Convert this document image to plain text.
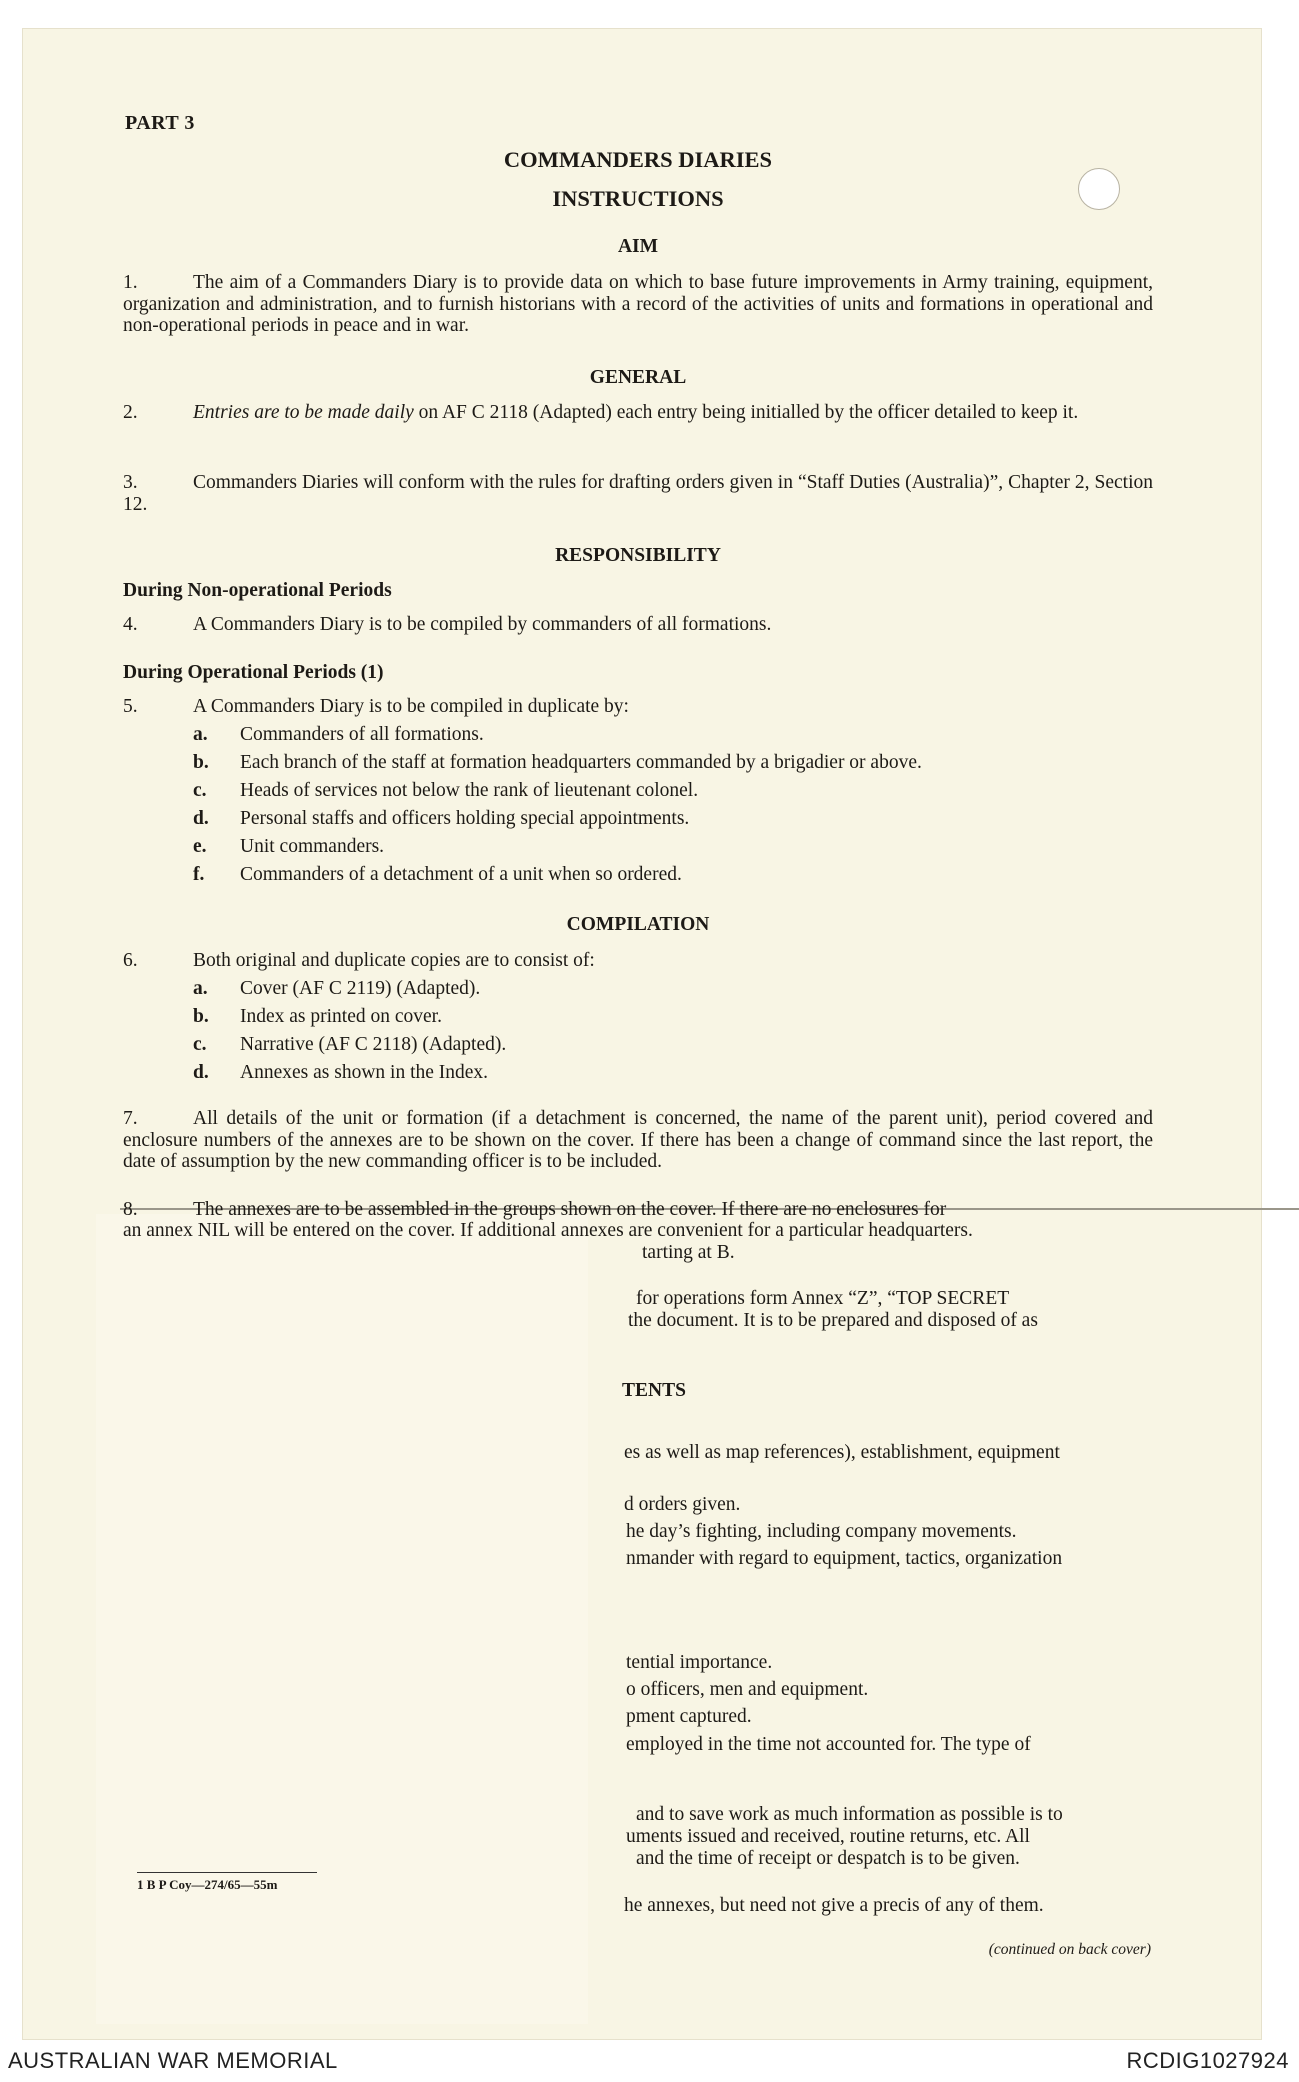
PART 3
COMMANDERS DIARIES
INSTRUCTIONS
AIM

1.	The aim of a Commanders Diary is to provide data on which to base future improvements in Army training, equipment, organization and administration, and to furnish historians with a record of the activities of units and formations in operational and non-operational periods in peace and in war.

GENERAL

2.	Entries are to be made daily on AF C 2118 (Adapted) each entry being initialled by the officer detailed to keep it.

3.	Commanders Diaries will conform with the rules for drafting orders given in “Staff Duties (Australia)”, Chapter 2, Section 12.

RESPONSIBILITY
During Non-operational Periods
4.	A Commanders Diary is to be compiled by commanders of all formations.
During Operational Periods (1)
5.	A Commanders Diary is to be compiled in duplicate by:
a. Commanders of all formations.
b. Each branch of the staff at formation headquarters commanded by a brigadier or above.
c. Heads of services not below the rank of lieutenant colonel.
d. Personal staffs and officers holding special appointments.
e. Unit commanders.
f. Commanders of a detachment of a unit when so ordered.
COMPILATION
6.	Both original and duplicate copies are to consist of:
a. Cover (AF C 2119) (Adapted).
b. Index as printed on cover.
c. Narrative (AF C 2118) (Adapted).
d. Annexes as shown in the Index.

7.	All details of the unit or formation (if a detachment is concerned, the name of the parent unit), period covered and enclosure numbers of the annexes are to be shown on the cover. If there has been a change of command since the last report, the date of assumption by the new commanding officer is to be included.

8.	The annexes are to be assembled in the groups shown on the cover. If there are no enclosures for
an annex NIL will be entered on the cover. If additional annexes are convenient for a particular headquarters.
tarting at B.
for operations form Annex “Z”, “TOP SECRET
the document. It is to be prepared and disposed of as
TENTS
es as well as map references), establishment, equipment
d orders given.
he day’s fighting, including company movements.
nmander with regard to equipment, tactics, organization
tential importance.
o officers, men and equipment.
pment captured.
employed in the time not accounted for. The type of
and to save work as much information as possible is to
uments issued and received, routine returns, etc. All
and the time of receipt or despatch is to be given.
he annexes, but need not give a precis of any of them.
1 B P Coy—274/65—55m
(continued on back cover)
AUSTRALIAN WAR MEMORIAL	RCDIG1027924
